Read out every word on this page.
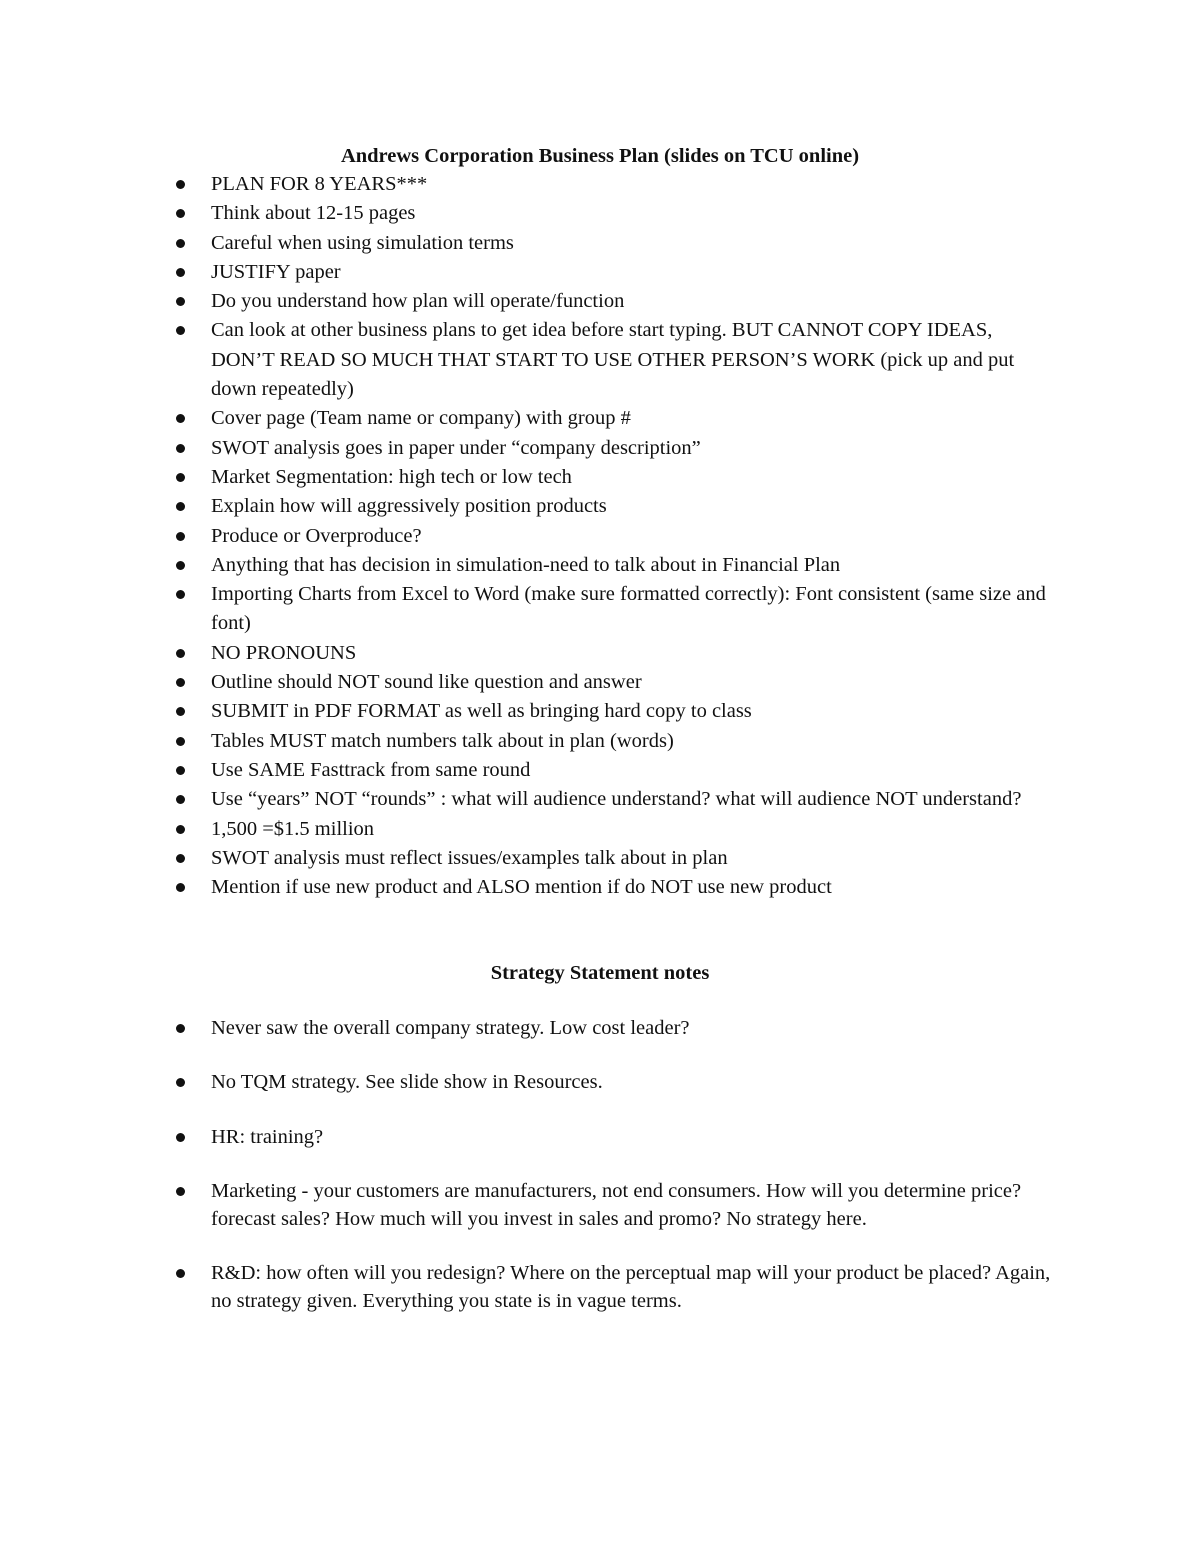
Andrews Corporation Business Plan (slides on TCU online)
PLAN FOR 8 YEARS***
Think about 12-15 pages
Careful when using simulation terms
JUSTIFY paper
Do you understand how plan will operate/function
Can look at other business plans to get idea before start typing. BUT CANNOT COPY IDEAS, DON’T READ SO MUCH THAT START TO USE OTHER PERSON’S WORK (pick up and put down repeatedly)
Cover page (Team name or company) with group #
SWOT analysis goes in paper under “company description”
Market Segmentation: high tech or low tech
Explain how will aggressively position products
Produce or Overproduce?
Anything that has decision in simulation-need to talk about in Financial Plan
Importing Charts from Excel to Word (make sure formatted correctly): Font consistent (same size and font)
NO PRONOUNS
Outline should NOT sound like question and answer
SUBMIT in PDF FORMAT as well as bringing hard copy to class
Tables MUST match numbers talk about in plan (words)
Use SAME Fasttrack from same round
Use “years” NOT “rounds” : what will audience understand? what will audience NOT understand?
1,500 =$1.5 million
SWOT analysis must reflect issues/examples talk about in plan
Mention if use new product and ALSO mention if do NOT use new product
Strategy Statement notes
Never saw the overall company strategy. Low cost leader?
No TQM strategy. See slide show in Resources.
HR: training?
Marketing - your customers are manufacturers, not end consumers. How will you determine price? forecast sales? How much will you invest in sales and promo? No strategy here.
R&D: how often will you redesign? Where on the perceptual map will your product be placed? Again, no strategy given. Everything you state is in vague terms.
